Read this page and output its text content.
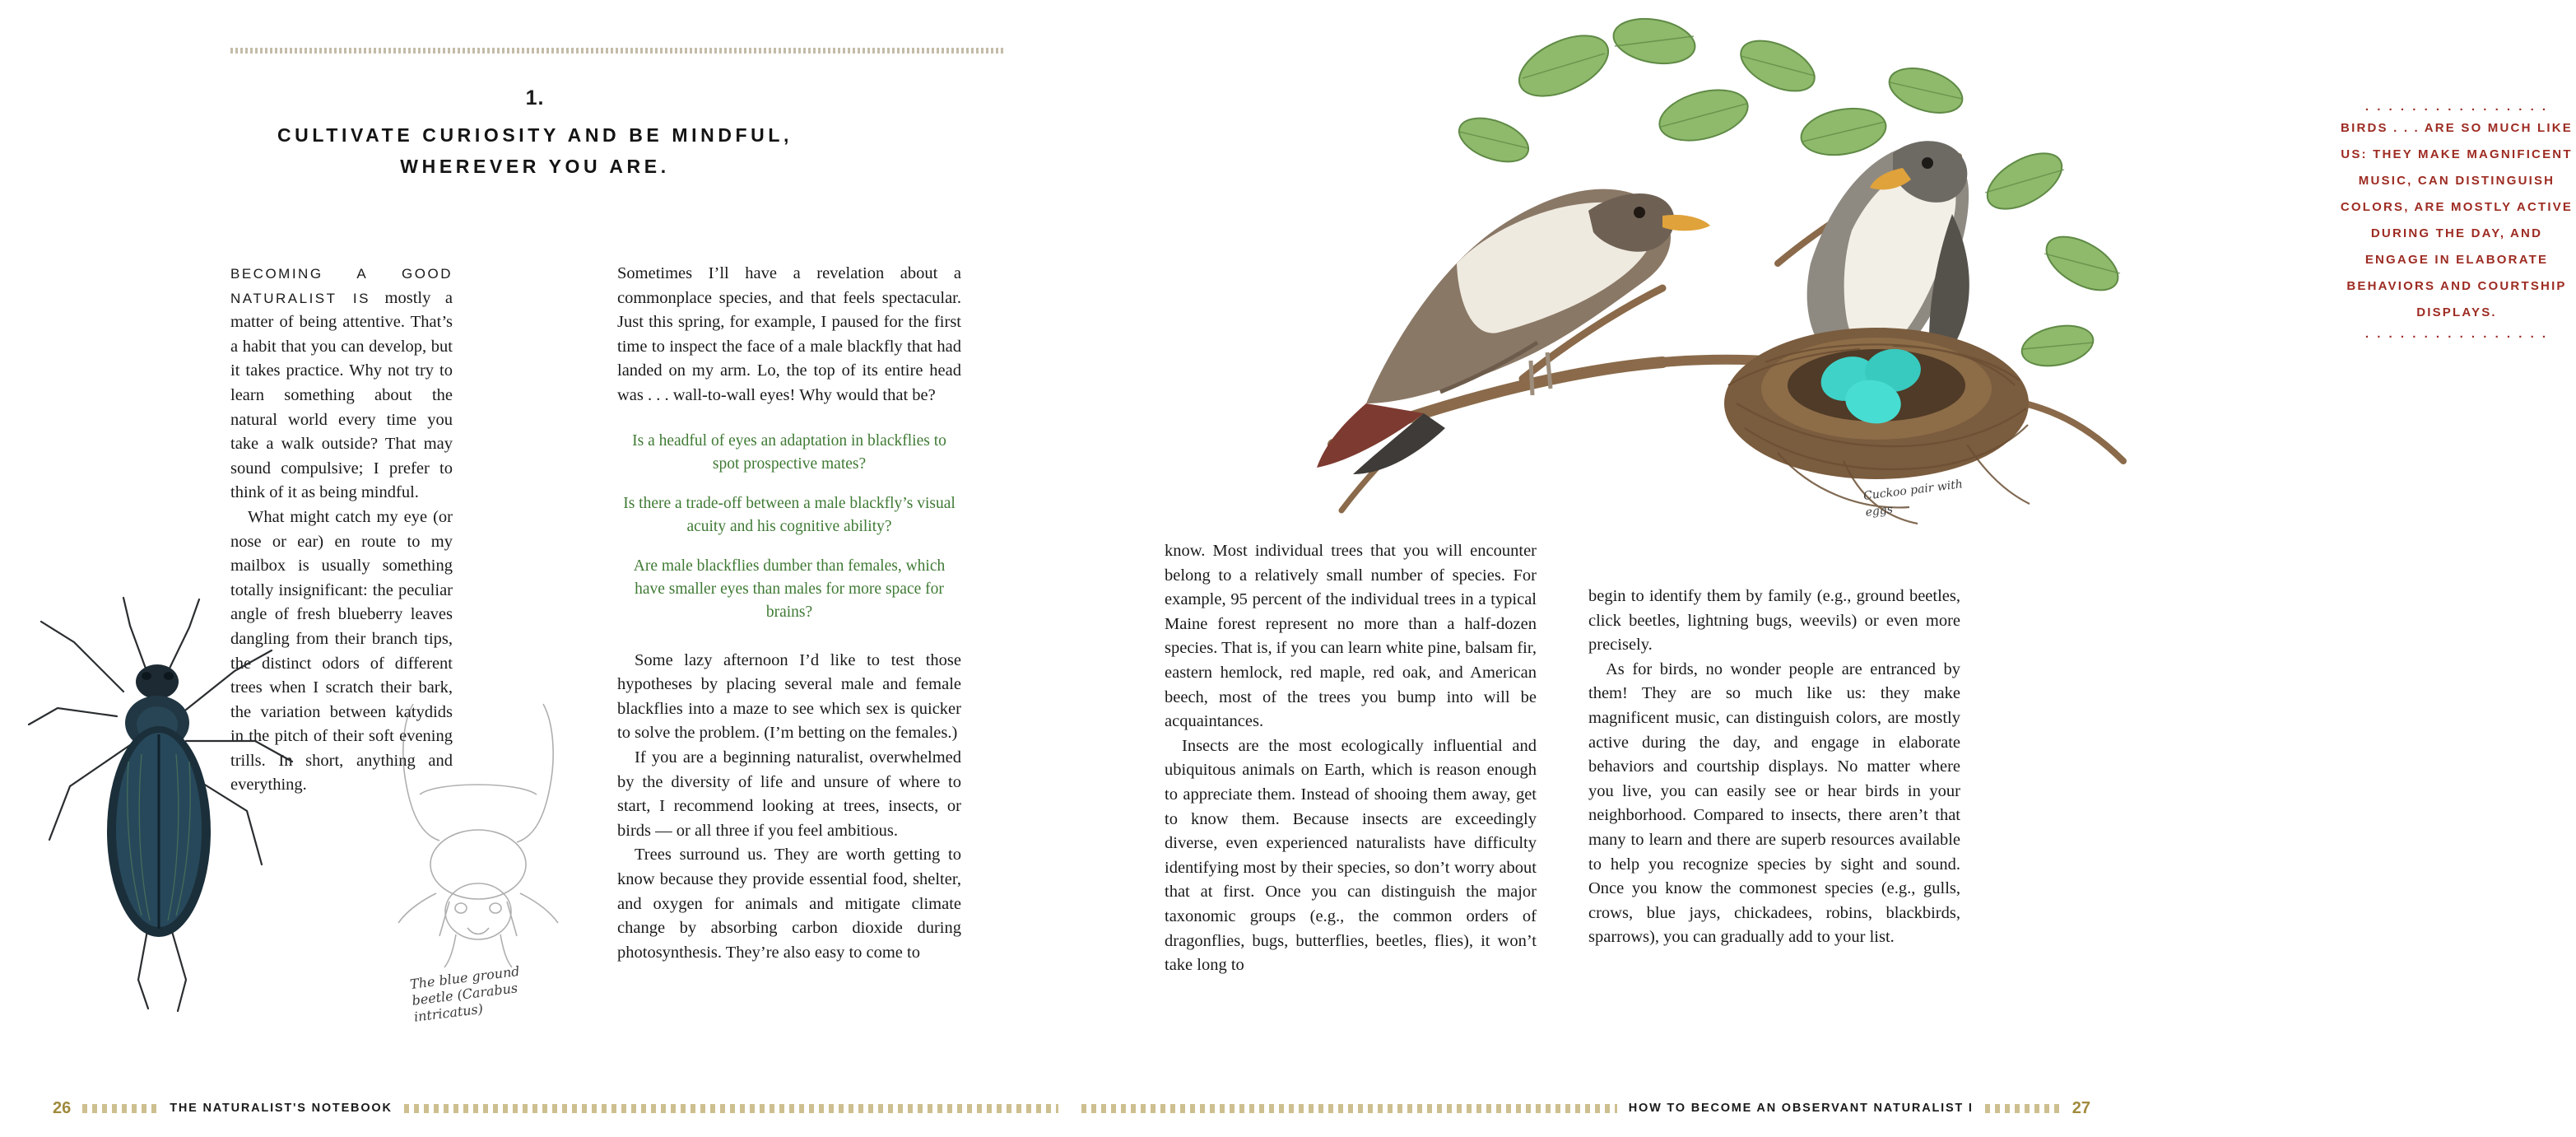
1.
CULTIVATE CURIOSITY AND BE MINDFUL, WHEREVER YOU ARE.

BECOMING A GOOD NATURALIST IS mostly a matter of being attentive. That’s a habit that you can develop, but it takes practice. Why not try to learn something about the natural world every time you take a walk outside? That may sound compulsive; I prefer to think of it as being mindful.

What might catch my eye (or nose or ear) en route to my mailbox is usually something totally insignificant: the peculiar angle of fresh blueberry leaves dangling from their branch tips, the distinct odors of different trees when I scratch their bark, the variation between katydids in the pitch of their soft evening trills. In short, anything and everything.

Sometimes I’ll have a revelation about a commonplace species, and that feels spectacular. Just this spring, for example, I paused for the first time to inspect the face of a male blackfly that had landed on my arm. Lo, the top of its entire head was . . . wall-to-wall eyes! Why would that be?

Is a headful of eyes an adaptation in blackflies to spot prospective mates?

Is there a trade-off between a male blackfly’s visual acuity and his cognitive ability?

Are male blackflies dumber than females, which have smaller eyes than males for more space for brains?

Some lazy afternoon I’d like to test those hypotheses by placing several male and female blackflies into a maze to see which sex is quicker to solve the problem. (I’m betting on the females.)

If you are a beginning naturalist, overwhelmed by the diversity of life and unsure of where to start, I recommend looking at trees, insects, or birds — or all three if you feel ambitious.

Trees surround us. They are worth getting to know because they provide essential food, shelter, and oxygen for animals and mitigate climate change by absorbing carbon dioxide during photosynthesis. They’re also easy to come to

The blue ground beetle (Carabus intricatus)
26	THE NATURALIST'S NOTEBOOK
. . . . . . . . . . . . . . . .
BIRDS . . . ARE SO MUCH LIKE US: THEY MAKE MAGNIFICENT MUSIC, CAN DISTINGUISH COLORS, ARE MOSTLY ACTIVE DURING THE DAY, AND ENGAGE IN ELABORATE BEHAVIORS AND COURTSHIP DISPLAYS.
. . . . . . . . . . . . . . . .

know. Most individual trees that you will encounter belong to a relatively small number of species. For example, 95 percent of the individual trees in a typical Maine forest represent no more than a half-dozen species. That is, if you can learn white pine, balsam fir, eastern hemlock, red maple, red oak, and American beech, most of the trees you bump into will be acquaintances.

Insects are the most ecologically influential and ubiquitous animals on Earth, which is reason enough to appreciate them. Instead of shooing them away, get to know them. Because insects are exceedingly diverse, even experienced naturalists have difficulty identifying most by their species, so don’t worry about that at first. Once you can distinguish the major taxonomic groups (e.g., the common orders of dragonflies, bugs, butterflies, beetles, flies), it won’t take long to

begin to identify them by family (e.g., ground beetles, click beetles, lightning bugs, weevils) or even more precisely.

As for birds, no wonder people are entranced by them! They are so much like us: they make magnificent music, can distinguish colors, are mostly active during the day, and engage in elaborate behaviors and courtship displays. No matter where you live, you can easily see or hear birds in your neighborhood. Compared to insects, there aren’t that many to learn and there are superb resources available to help you recognize species by sight and sound. Once you know the commonest species (e.g., gulls, crows, blue jays, chickadees, robins, blackbirds, sparrows), you can gradually add to your list.

Cuckoo pair with eggs
HOW TO BECOME AN OBSERVANT NATURALIST I	27
